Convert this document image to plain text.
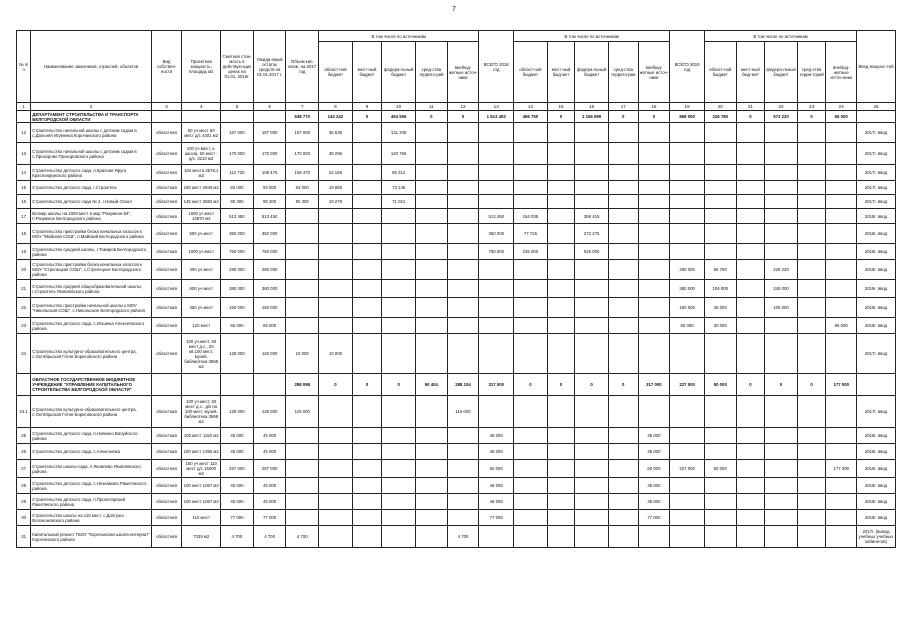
7
№ п/п	Наименование заказчиков, отраслей, объектов	Вид собствен-ности	Проектная мощность, площадь м2	Сметная стои-мость в действую-щих ценах на 01.01. 2016г.	Ожида-емый остаток средств на 01.01.2017 г.	Объем кап. влож. на 2017 год	В том числе по источникам					ВСЕГО 2018 год	В том числе по источникам					ВСЕГО 2019 год	В том числе по источникам					Ввод мощнос-тей
							област-ной бюджет	мест-ный бюджет	федера-льный бюджет	сред-ства террито-рий	внебюд-жетные источ-ники		област-ной бюджет	мест-ный бюд-жет	федера-льный бюджет	сред-ства террито-рии	внебюд-жетные источ-ники		област-ной бюджет	мест-ный бюд-жет	федера-льный бюджет	сред-ства терри-торий	внебюд-жетные источ-ники	
1	2	3	4	5	6	7	8	9	10	11	12	13	14	15	16	17	18	19	20	21	22	23	24	25
	ДЕПАРТАМЕНТ СТРОИТЕЛЬСТВА И ТРАНСПОРТА БЕЛГОРОДСКОЙ ОБЛАСТИ					638 770	144 242	0	494 506	0	0	1 613 493	456 750	0	1 156 699	0	0	868 000	226 780	0	573 220	0	65 000	
12	Строительство начальной школы с детским садом в с.Дальняя Игуменка Корочанского района	областная	60 уч.мест 60 мест д/с 4401 м2	187 000	187 000	167 000	35 635		131 345															2017г. ввод
13	Строительство начальной школы с детским садом в с.Прохорово Прохоровского района	областная	100 уч.мест, н. школа, 60 мест - д/с, 3210 м2	170 000	170 000	170 000	39 295		120 765															2017г. ввод
14	Строительство детского сада, п.Красная Яруга Краснояружского района	областная	184 места 3578,1 м2	112 720	108 476	108 470	23 158		85 312															2017г. ввод
15	Строительство детского сада, г.Строитель	областная	190 мест 3940 м2	93 000	93 000	93 000	19 855		73 145															2017г. ввод
16	Строительство детского сада № 2, г.Новый Оскол	областная	145 мест 3682 м2	90 300	90 300	90 300	19 279		71 021															2017г. ввод
17	Блокир школы на 1000 мест в мкр."Разумное-54", п.Разумное Белгородского района	областная	1000 уч.мест 14870 м2	513 450	513 450							513 450	154 035		359 415									2018г. ввод
18	Строительство пристройки блока начальных классов к МОУ "Майская СОШ", п.Майский Белгородского района	областная	500 уч.мест	350 000	350 000							350 000	77 725		272 275									2018г. ввод
19	Строительство средней школы, г.Томаров Белгородского района	областная	1000 уч.мест	750 000	750 000							750 000	225 000		525 000									2018г. ввод
20	Строительство пристройки блока начальных классов к МОУ "Стрелецкая СОШ", с.Стрелецкое Белгородского района	областная	400 уч.мест	280 000	280 000													280 000	56 780		229 220			2019г. ввод
21	Строительство средней общеобразовательной школы, г.Строитель Яковлевского района	областная	600 уч.мест	380 000	380 000													380 000	106 000		245 000			2019г. ввод
22	Строительство пристройки начальной школы к МОУ "Никольская СОШ", с.Никольское Белгородского района	областная	350 уч.мест	150 000	150 000													150 000	45 000		105 000			2019г. ввод
23	Строительство детского сада, с.Ильинка Алексеевского района	областная	120 мест	65 000	65 000													65 000	30 000				65 000	2019г. ввод
24	Строительство культурно-образовательного центра, с.Октябрьская Готня Борисовского района	областная	100 уч.мест, 60 мест д.с., 20 кв.100 мест, музей, библиотека 3698 м2	128 000	126 000	10 000	10 000																	2017г. ввод
	ОБЛАСТНОЕ ГОСУДАРСТВЕННОЕ БЮДЖЕТНОЕ УЧРЕЖДЕНИЕ "УПРАВЛЕНИЕ КАПИТАЛЬНОГО СТРОИТЕЛЬСТВА БЕЛГОРОДСКОЙ ОБЛАСТИ"					288 098	0	0	0	90 404	288 104	317 000	0	0	0	0	317 000	227 000	50 000	0	0	0	177 000	
24.1	Строительство культурно-образовательного центра, с.Октябрьская Готня Борисовского района	областная	100 уч.мест, 60 мест д.с., д/к на 100 мест, музей, библиотека 3698 м2	128 000	128 000	116 000					116 000													2017г. ввод
25	Строительство детского сада, п.Новенко Валуйского района	областная	100 мест 1150 м2	45 000	45 000							45 000					45 000							2018г. ввод
26	Строительство детского сада, с.Алексеевка	областная	100 мест 1350 м2	45 000	45 000							45 000					45 000							2018г. ввод
27	Строительство школы-сада, п.Яковлево Яковлевского района	областная	160 уч.мест 110 мест д/с 16000 м2	287 000	287 000							60 000					60 000	227 000	50 000				177 000	2019г. ввод
28	Строительство детского сада, с.Незнамово Ракитянского района	областная	100 мест 1067 м2	45 000	45 000							45 000					45 000							2019г. ввод
29	Строительство детского сада, п.Пролетарский Ракитянского района	областная	100 мест 1067 м2	45 000	45 000							45 000					45 000							2019г. ввод
30	Строительство школы на 110 мест, с.Долгушо Волоконовского района	областная	110 мест	77 000	77 000							77 000					77 000							2019г. ввод
31	Капитальный ремонт ГБОУ "Корочанская школа-интернат" Корочанского района	областная	7339 м2	4 700	4 700	4 700					4 700													2017г. (вывод учебных учебных кабинетов)
